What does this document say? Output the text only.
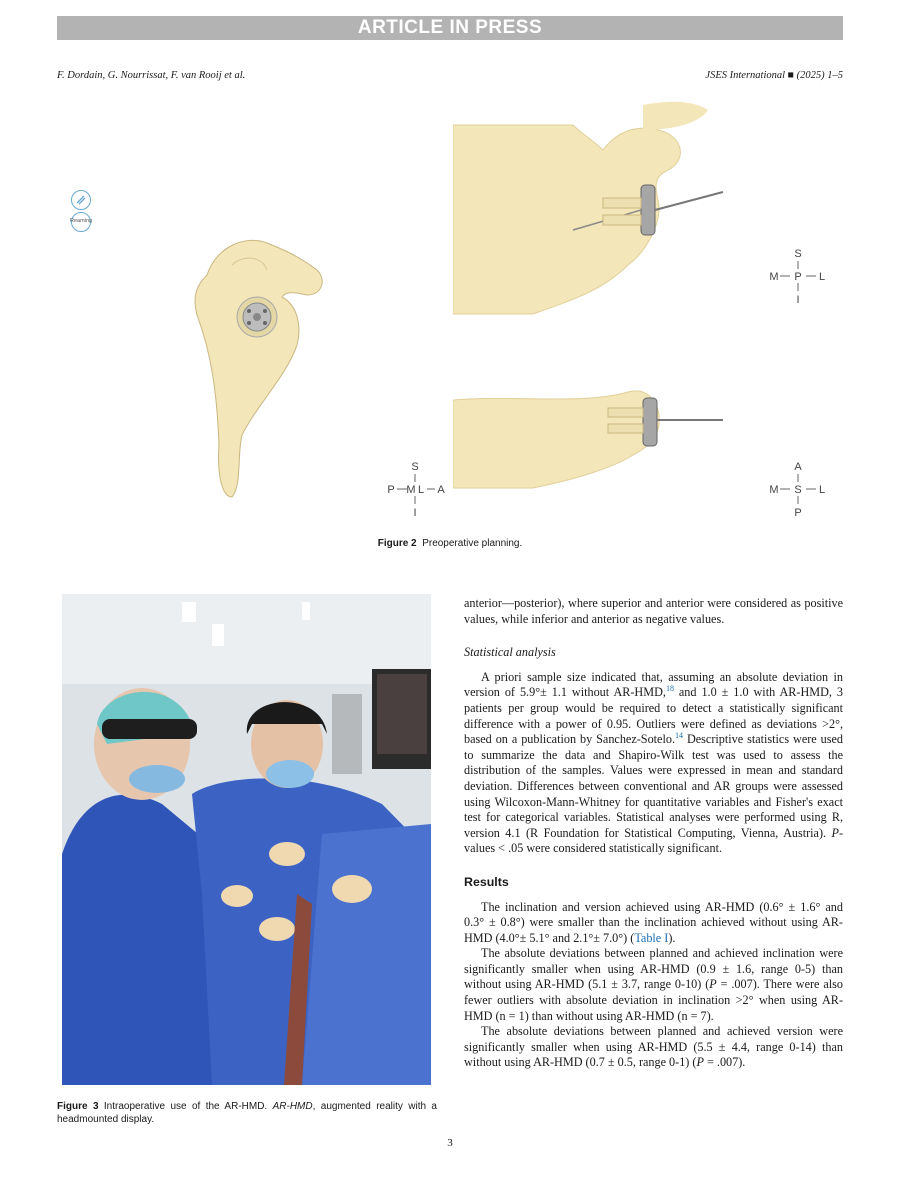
ARTICLE IN PRESS
F. Dordain, G. Nourrissat, F. van Rooij et al.	JSES International ■ (2025) 1–5
Reaming
S
M P L
I
S
P M L A
I
A
M S L
P
Figure 2 Preoperative planning.
Figure 3 Intraoperative use of the AR-HMD. AR-HMD, augmented reality with a headmounted display.

anterior—posterior), where superior and anterior were considered as positive values, while inferior and anterior as negative values.

Statistical analysis

A priori sample size indicated that, assuming an absolute deviation in version of 5.9°± 1.1 without AR-HMD,$^{18}$ and 1.0 ± 1.0 with AR-HMD, 3 patients per group would be required to detect a statistically significant difference with a power of 0.95. Outliers were defined as deviations >2°, based on a publication by Sanchez-Sotelo.$^{14}$ Descriptive statistics were used to summarize the data and Shapiro-Wilk test was used to assess the distribution of the samples. Values were expressed in mean and standard deviation. Differences between conventional and AR groups were assessed using Wilcoxon-Mann-Whitney for quantitative variables and Fisher's exact test for categorical variables. Statistical analyses were performed using R, version 4.1 (R Foundation for Statistical Computing, Vienna, Austria). P-values < .05 were considered statistically significant.

Results

The inclination and version achieved using AR-HMD (0.6° ± 1.6° and 0.3° ± 0.8°) were smaller than the inclination achieved without using AR-HMD (4.0°± 5.1° and 2.1°± 7.0°) (Table I).

The absolute deviations between planned and achieved inclination were significantly smaller when using AR-HMD (0.9 ± 1.6, range 0-5) than without using AR-HMD (5.1 ± 3.7, range 0-10) (P = .007). There were also fewer outliers with absolute deviation in inclination >2° when using AR-HMD (n = 1) than without using AR-HMD (n = 7).

The absolute deviations between planned and achieved version were significantly smaller when using AR-HMD (5.5 ± 4.4, range 0-14) than without using AR-HMD (0.7 ± 0.5, range 0-1) (P = .007).

3
